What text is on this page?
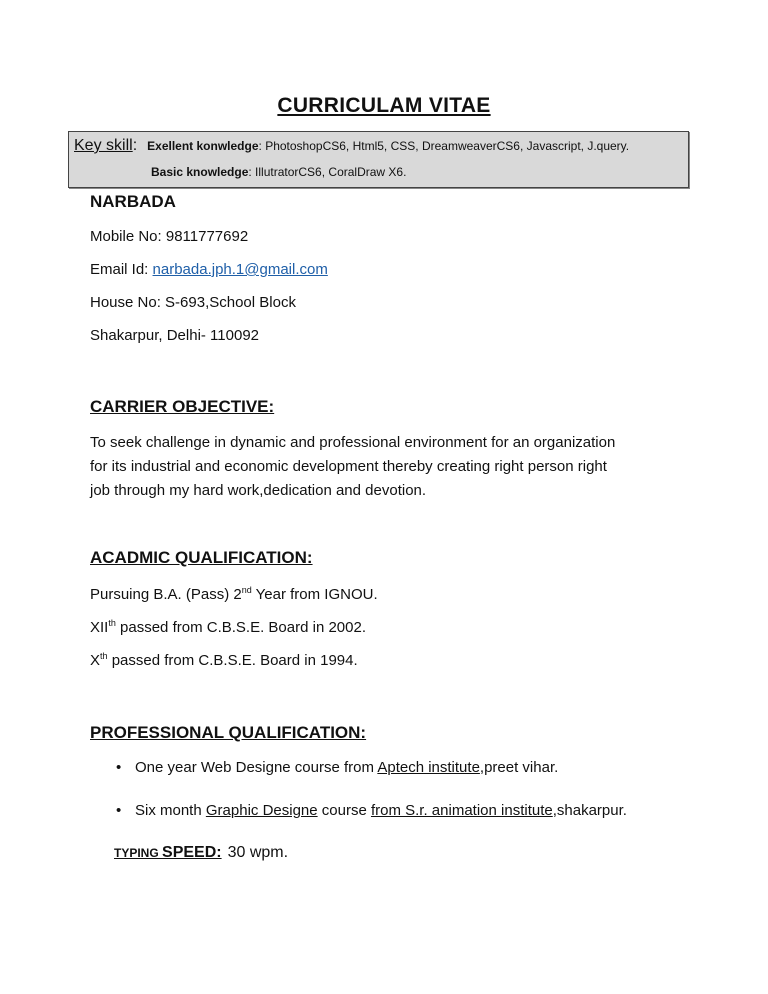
CURRICULAM VITAE
Key skill: Exellent konwledge: PhotoshopCS6, Html5, CSS, DreamweaverCS6, Javascript, J.query.
Basic knowledge: IllutratorCS6, CoralDraw X6.
NARBADA
Mobile No: 9811777692
Email Id: narbada.jph.1@gmail.com
House No: S-693,School Block
Shakarpur, Delhi- 110092
CARRIER OBJECTIVE:
To seek challenge in dynamic and professional environment for an organization
for its industrial and economic development thereby creating right person right
job through my hard work,dedication and devotion.
ACADMIC QUALIFICATION:
Pursuing B.A. (Pass) 2nd Year from IGNOU.
XIIth passed from C.B.S.E. Board in 2002.
Xth passed from C.B.S.E. Board in 1994.
PROFESSIONAL QUALIFICATION:
• One year Web Designe course from Aptech institute,preet vihar.
• Six month Graphic Designe course from S.r. animation institute,shakarpur.
TYPING SPEED: 30 wpm.
